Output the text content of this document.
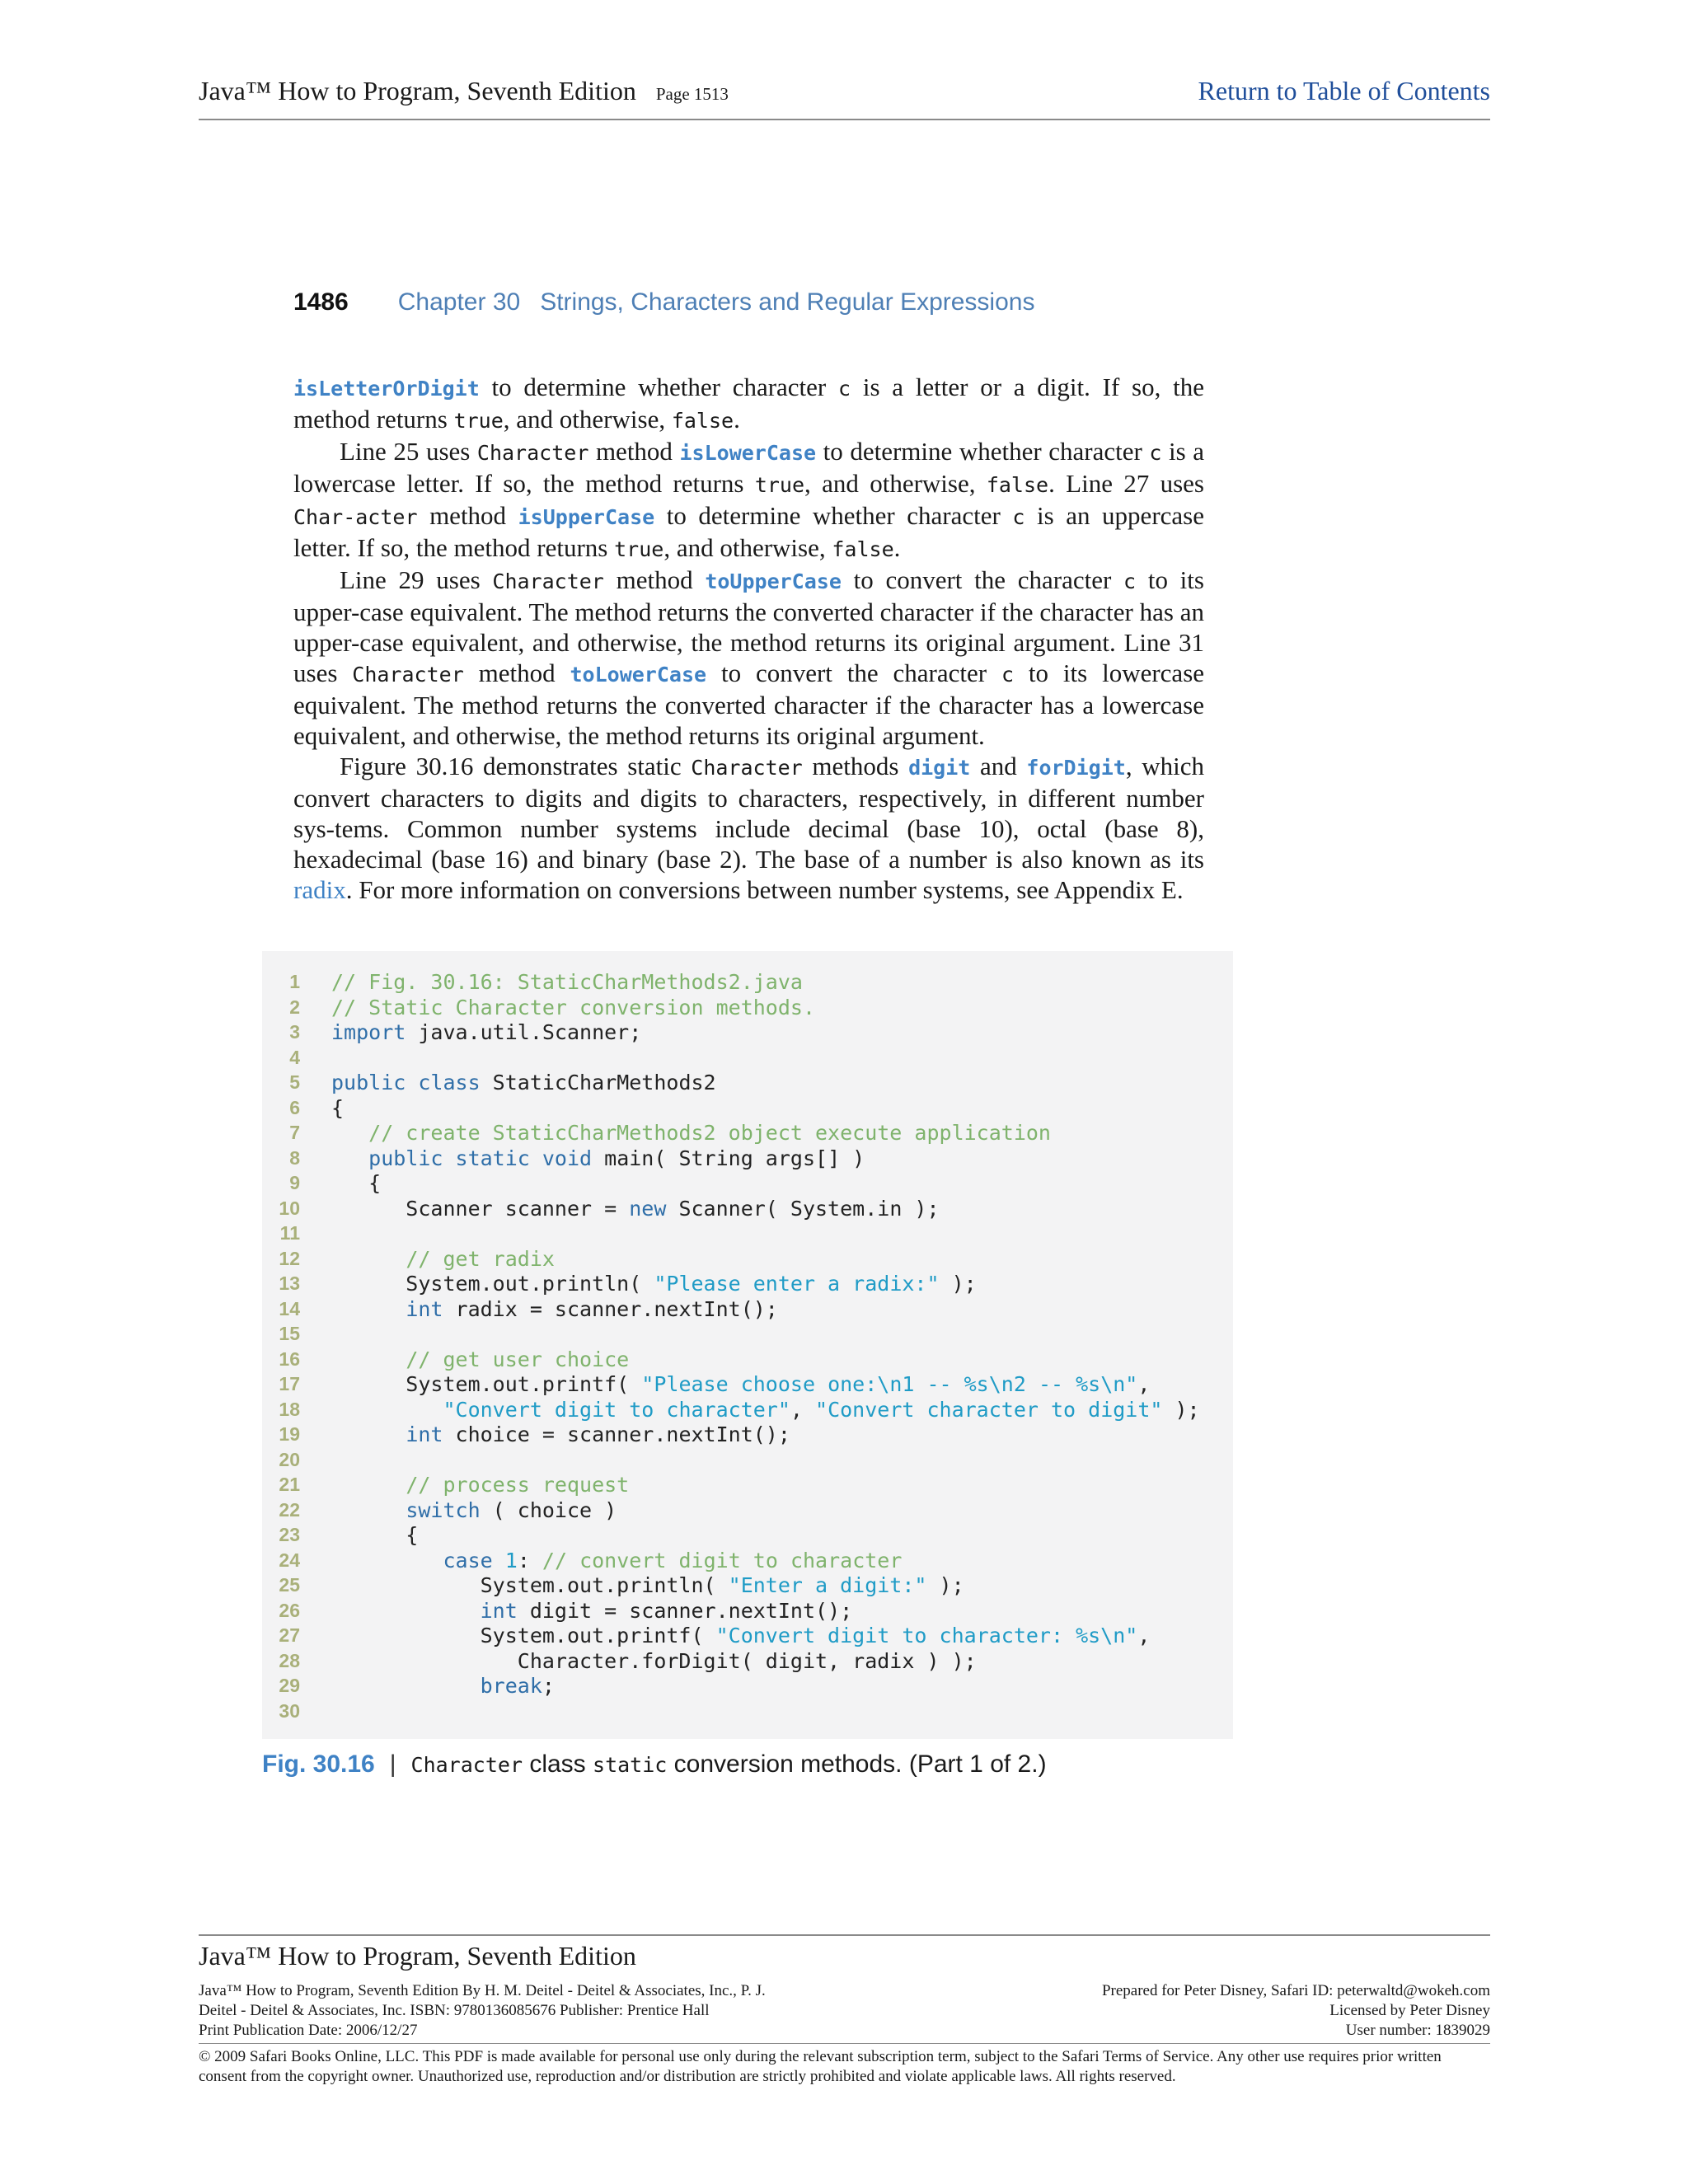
Java™ How to Program, Seventh Edition Page 1513	Return to Table of Contents
1486 Chapter 30 Strings, Characters and Regular Expressions

isLetterOrDigit to determine whether character c is a letter or a digit. If so, the method returns true, and otherwise, false.

Line 25 uses Character method isLowerCase to determine whether character c is a lowercase letter. If so, the method returns true, and otherwise, false. Line 27 uses Char-acter method isUpperCase to determine whether character c is an uppercase letter. If so, the method returns true, and otherwise, false.

Line 29 uses Character method toUpperCase to convert the character c to its upper-case equivalent. The method returns the converted character if the character has an upper-case equivalent, and otherwise, the method returns its original argument. Line 31 uses Character method toLowerCase to convert the character c to its lowercase equivalent. The method returns the converted character if the character has a lowercase equivalent, and otherwise, the method returns its original argument.

Figure 30.16 demonstrates static Character methods digit and forDigit, which convert characters to digits and digits to characters, respectively, in different number sys-tems. Common number systems include decimal (base 10), octal (base 8), hexadecimal (base 16) and binary (base 2). The base of a number is also known as its radix. For more information on conversions between number systems, see Appendix E.

1 // Fig. 30.16: StaticCharMethods2.java
2 // Static Character conversion methods.
3 import java.util.Scanner;
4
5 public class StaticCharMethods2
6 {
7	// create StaticCharMethods2 object execute application
8	public static void main( String args[] )
9 {
10 Scanner scanner = new Scanner( System.in );
11
12	// get radix
13 System.out.println( "Please enter a radix:" );
14	int radix = scanner.nextInt();
15
16	// get user choice
17 System.out.printf( "Please choose one:\n1 -- %s\n2 -- %s\n",
18	"Convert digit to character", "Convert character to digit" );
19	int choice = scanner.nextInt();
20
21	// process request
22	switch ( choice )
23 {
24	case 1: // convert digit to character
25 System.out.println( "Enter a digit:" );
26	int digit = scanner.nextInt();
27 System.out.printf( "Convert digit to character: %s\n",
28 Character.forDigit( digit, radix ) );
29	break;
30
Fig. 30.16 | Character class static conversion methods. (Part 1 of 2.)
Java™ How to Program, Seventh Edition
Java™ How to Program, Seventh Edition By H. M. Deitel - Deitel & Associates, Inc., P. J.
Deitel - Deitel & Associates, Inc. ISBN: 9780136085676 Publisher: Prentice Hall
Print Publication Date: 2006/12/27
Prepared for Peter Disney, Safari ID: peterwaltd@wokeh.com
Licensed by Peter Disney
User number: 1839029
© 2009 Safari Books Online, LLC. This PDF is made available for personal use only during the relevant subscription term, subject to the Safari Terms of Service. Any other use requires prior written consent from the copyright owner. Unauthorized use, reproduction and/or distribution are strictly prohibited and violate applicable laws. All rights reserved.
